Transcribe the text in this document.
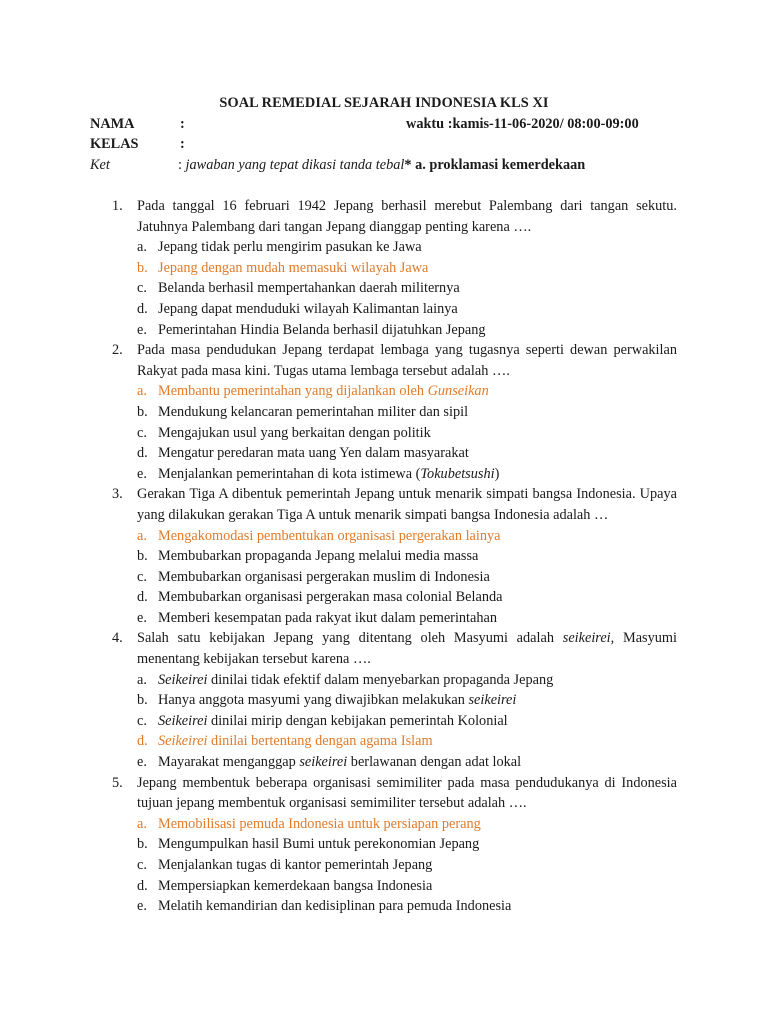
SOAL REMEDIAL SEJARAH INDONESIA KLS XI
NAMA	:	waktu :kamis-11-06-2020/ 08:00-09:00
KELAS	:
Ket	: jawaban yang tepat dikasi tanda tebal* a. proklamasi kemerdekaan
1. Pada tanggal 16 februari 1942 Jepang berhasil merebut Palembang dari tangan sekutu. Jatuhnya Palembang dari tangan Jepang dianggap penting karena ….
a. Jepang tidak perlu mengirim pasukan ke Jawa
b. Jepang dengan mudah memasuki wilayah Jawa
c. Belanda berhasil mempertahankan daerah militernya
d. Jepang dapat menduduki wilayah Kalimantan lainya
e. Pemerintahan Hindia Belanda berhasil dijatuhkan Jepang
2. Pada masa pendudukan Jepang terdapat lembaga yang tugasnya seperti dewan perwakilan Rakyat pada masa kini. Tugas utama lembaga tersebut adalah ….
a. Membantu pemerintahan yang dijalankan oleh Gunseikan
b. Mendukung kelancaran pemerintahan militer dan sipil
c. Mengajukan usul yang berkaitan dengan politik
d. Mengatur peredaran mata uang Yen dalam masyarakat
e. Menjalankan pemerintahan di kota istimewa (Tokubetsushi)
3. Gerakan Tiga A dibentuk pemerintah Jepang untuk menarik simpati bangsa Indonesia. Upaya yang dilakukan gerakan Tiga A untuk menarik simpati bangsa Indonesia adalah …
a. Mengakomodasi pembentukan organisasi pergerakan lainya
b. Membubarkan propaganda Jepang melalui media massa
c. Membubarkan organisasi pergerakan muslim di Indonesia
d. Membubarkan organisasi pergerakan masa colonial Belanda
e. Memberi kesempatan pada rakyat ikut dalam pemerintahan
4. Salah satu kebijakan Jepang yang ditentang oleh Masyumi adalah seikeirei, Masyumi menentang kebijakan tersebut karena ….
a. Seikeirei dinilai tidak efektif dalam menyebarkan propaganda Jepang
b. Hanya anggota masyumi yang diwajibkan melakukan seikeirei
c. Seikeirei dinilai mirip dengan kebijakan pemerintah Kolonial
d. Seikeirei dinilai bertentang dengan agama Islam
e. Mayarakat menganggap seikeirei berlawanan dengan adat lokal
5. Jepang membentuk beberapa organisasi semimiliter pada masa pendudukanya di Indonesia tujuan jepang membentuk organisasi semimiliter tersebut adalah ….
a. Memobilisasi pemuda Indonesia untuk persiapan perang
b. Mengumpulkan hasil Bumi untuk perekonomian Jepang
c. Menjalankan tugas di kantor pemerintah Jepang
d. Mempersiapkan kemerdekaan bangsa Indonesia
e. Melatih kemandirian dan kedisiplinan para pemuda Indonesia
